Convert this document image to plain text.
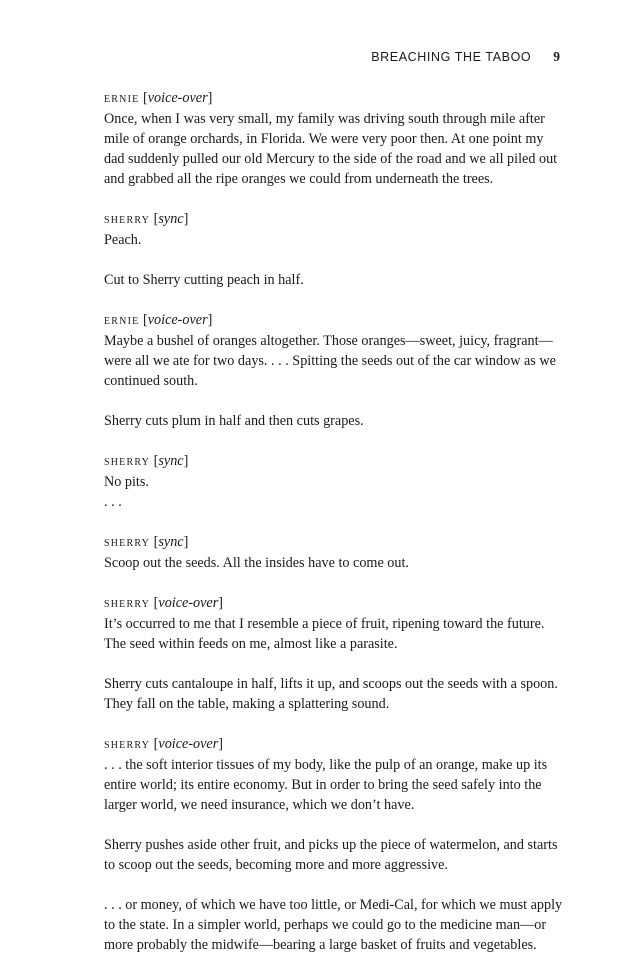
BREACHING THE TABOO 9
ernie [voice-over]
Once, when I was very small, my family was driving south through mile after
mile of orange orchards, in Florida. We were very poor then. At one point my
dad suddenly pulled our old Mercury to the side of the road and we all piled out
and grabbed all the ripe oranges we could from underneath the trees.
sherry [sync]
Peach.
Cut to Sherry cutting peach in half.
ernie [voice-over]
Maybe a bushel of oranges altogether. Those oranges—sweet, juicy, fragrant—
were all we ate for two days. . . . Spitting the seeds out of the car window as we
continued south.
Sherry cuts plum in half and then cuts grapes.
sherry [sync]
No pits.
. . .
sherry [sync]
Scoop out the seeds. All the insides have to come out.
sherry [voice-over]
It’s occurred to me that I resemble a piece of fruit, ripening toward the future.
The seed within feeds on me, almost like a parasite.
Sherry cuts cantaloupe in half, lifts it up, and scoops out the seeds with a spoon.
They fall on the table, making a splattering sound.
sherry [voice-over]
. . . the soft interior tissues of my body, like the pulp of an orange, make up its
entire world; its entire economy. But in order to bring the seed safely into the
larger world, we need insurance, which we don’t have.
Sherry pushes aside other fruit, and picks up the piece of watermelon, and starts
to scoop out the seeds, becoming more and more aggressive.
. . . or money, of which we have too little, or Medi-Cal, for which we must apply
to the state. In a simpler world, perhaps we could go to the medicine man—or
more probably the midwife—bearing a large basket of fruits and vegetables.
